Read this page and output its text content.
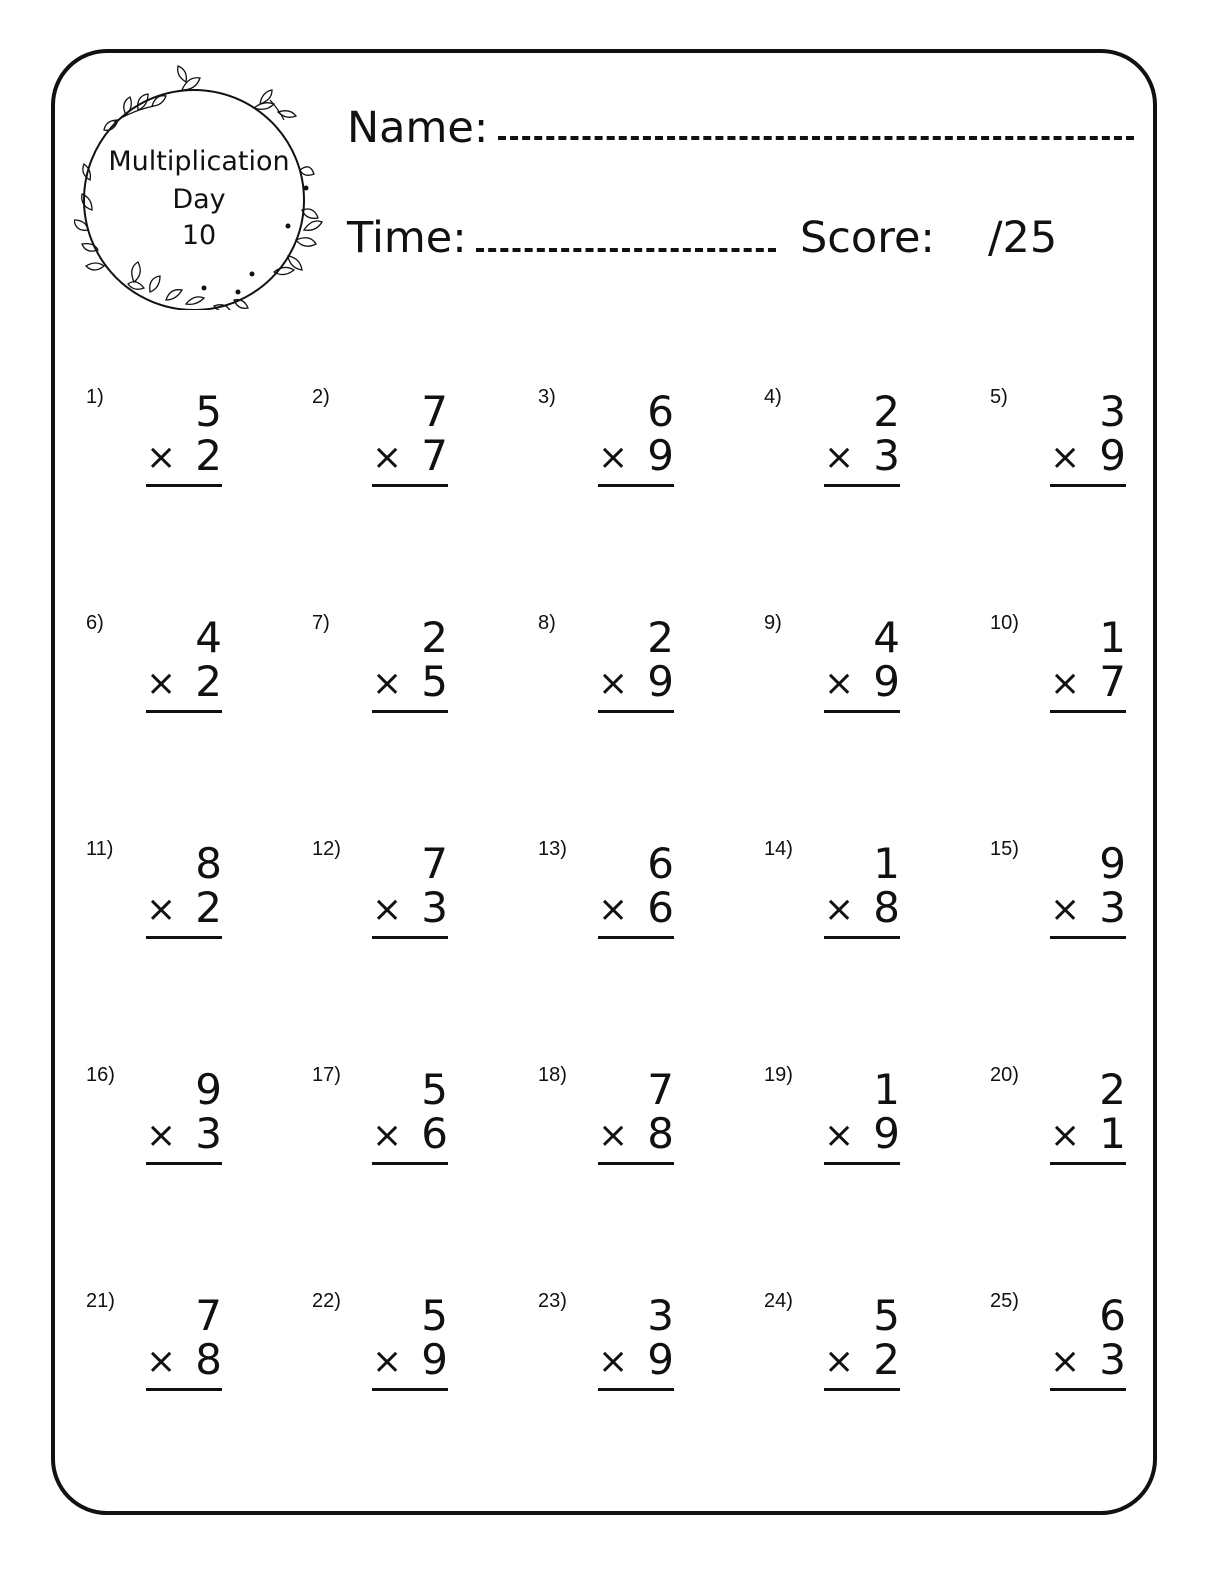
Multiplication
Day
10
Name:
Time:	Score: /25
1)	5
× 2
2)	7
× 7
3)	6
× 9
4)	2
× 3
5)	3
× 9
6)	4
× 2
7)	2
× 5
8)	2
× 9
9)	4
× 9
10)	1
× 7
11)	8
× 2
12)	7
× 3
13)	6
× 6
14)	1
× 8
15)	9
× 3
16)	9
× 3
17)	5
× 6
18)	7
× 8
19)	1
× 9
20)	2
× 1
21)	7
× 8
22)	5
× 9
23)	3
× 9
24)	5
× 2
25)	6
× 3
